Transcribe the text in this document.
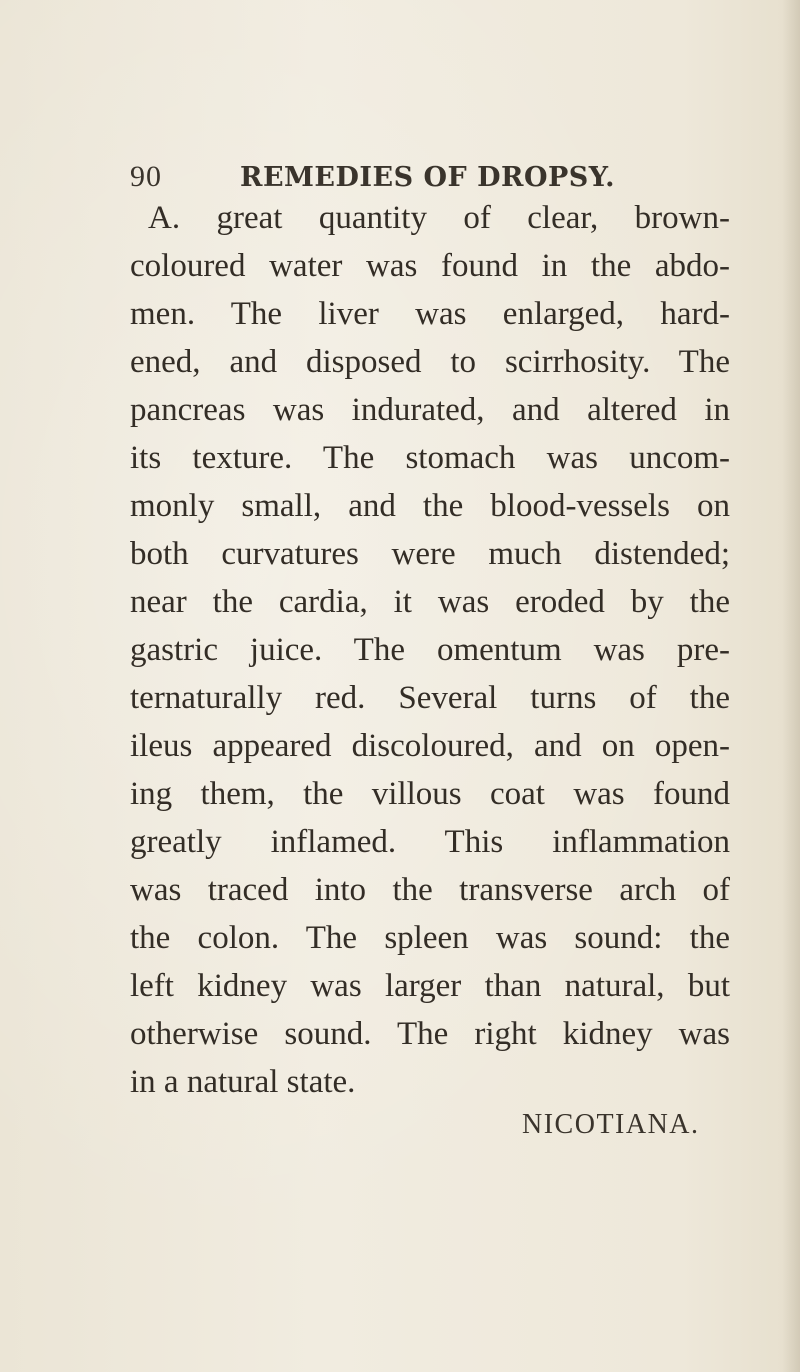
90	REMEDIES OF DROPSY.
A. great quantity of clear, brown-
coloured water was found in the abdo-
men. The liver was enlarged, hard-
ened, and disposed to scirrhosity. The
pancreas was indurated, and altered in
its texture. The stomach was uncom-
monly small, and the blood-vessels on
both curvatures were much distended;
near the cardia, it was eroded by the
gastric juice. The omentum was pre-
ternaturally red. Several turns of the
ileus appeared discoloured, and on open-
ing them, the villous coat was found
greatly inflamed. This inflammation
was traced into the transverse arch of
the colon. The spleen was sound: the
left kidney was larger than natural, but
otherwise sound. The right kidney was
in a natural state.
NICOTIANA.
